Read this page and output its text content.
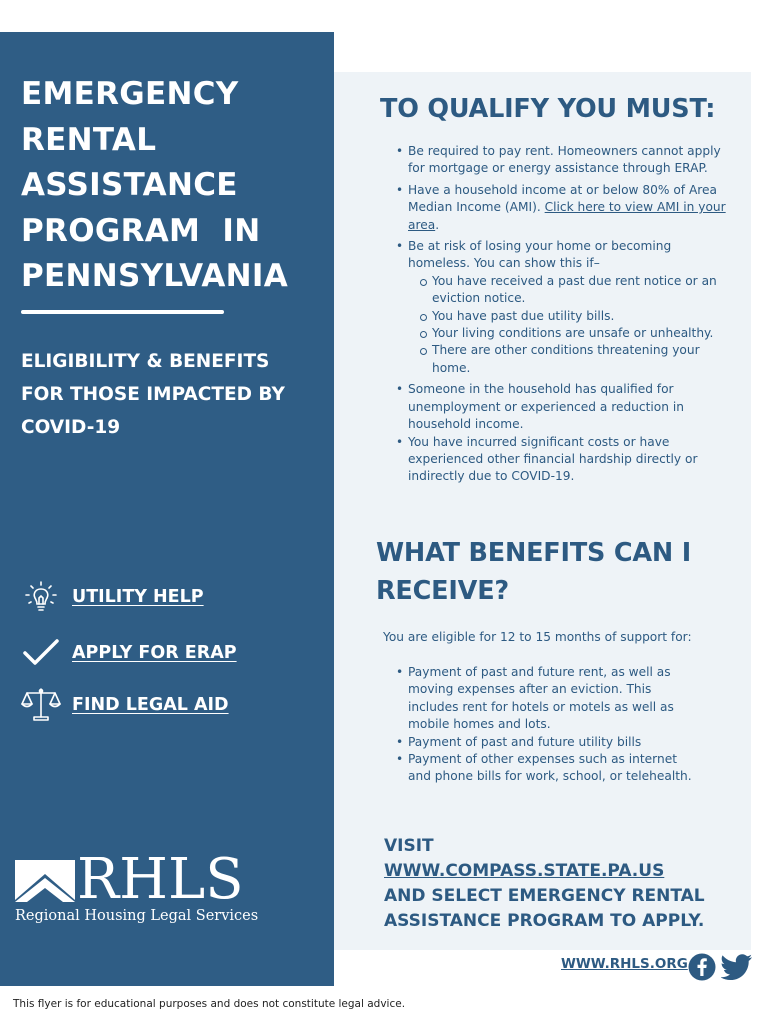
EMERGENCY
RENTAL
ASSISTANCE
PROGRAM  IN
PENNSYLVANIA
ELIGIBILITY & BENEFITS
FOR THOSE IMPACTED BY
COVID-19
UTILITY HELP
APPLY FOR ERAP
FIND LEGAL AID
RHLS
Regional Housing Legal Services
TO QUALIFY YOU MUST:
• Be required to pay rent. Homeowners cannot apply for mortgage or energy assistance through ERAP.
• Have a household income at or below 80% of Area Median Income (AMI). Click here to view AMI in your area.
• Be at risk of losing your home or becoming homeless. You can show this if–
You have received a past due rent notice or an eviction notice.
You have past due utility bills.
Your living conditions are unsafe or unhealthy.
There are other conditions threatening your home.
• Someone in the household has qualified for unemployment or experienced a reduction in household income.
• You have incurred significant costs or have experienced other financial hardship directly or indirectly due to COVID-19.
WHAT BENEFITS CAN I RECEIVE?

You are eligible for 12 to 15 months of support for:

• Payment of past and future rent, as well as moving expenses after an eviction. This includes rent for hotels or motels as well as mobile homes and lots.
• Payment of past and future utility bills
• Payment of other expenses such as internet and phone bills for work, school, or telehealth.
VISIT
WWW.COMPASS.STATE.PA.US
AND SELECT EMERGENCY RENTAL
ASSISTANCE PROGRAM TO APPLY.
WWW.RHLS.ORG

This flyer is for educational purposes and does not constitute legal advice.
